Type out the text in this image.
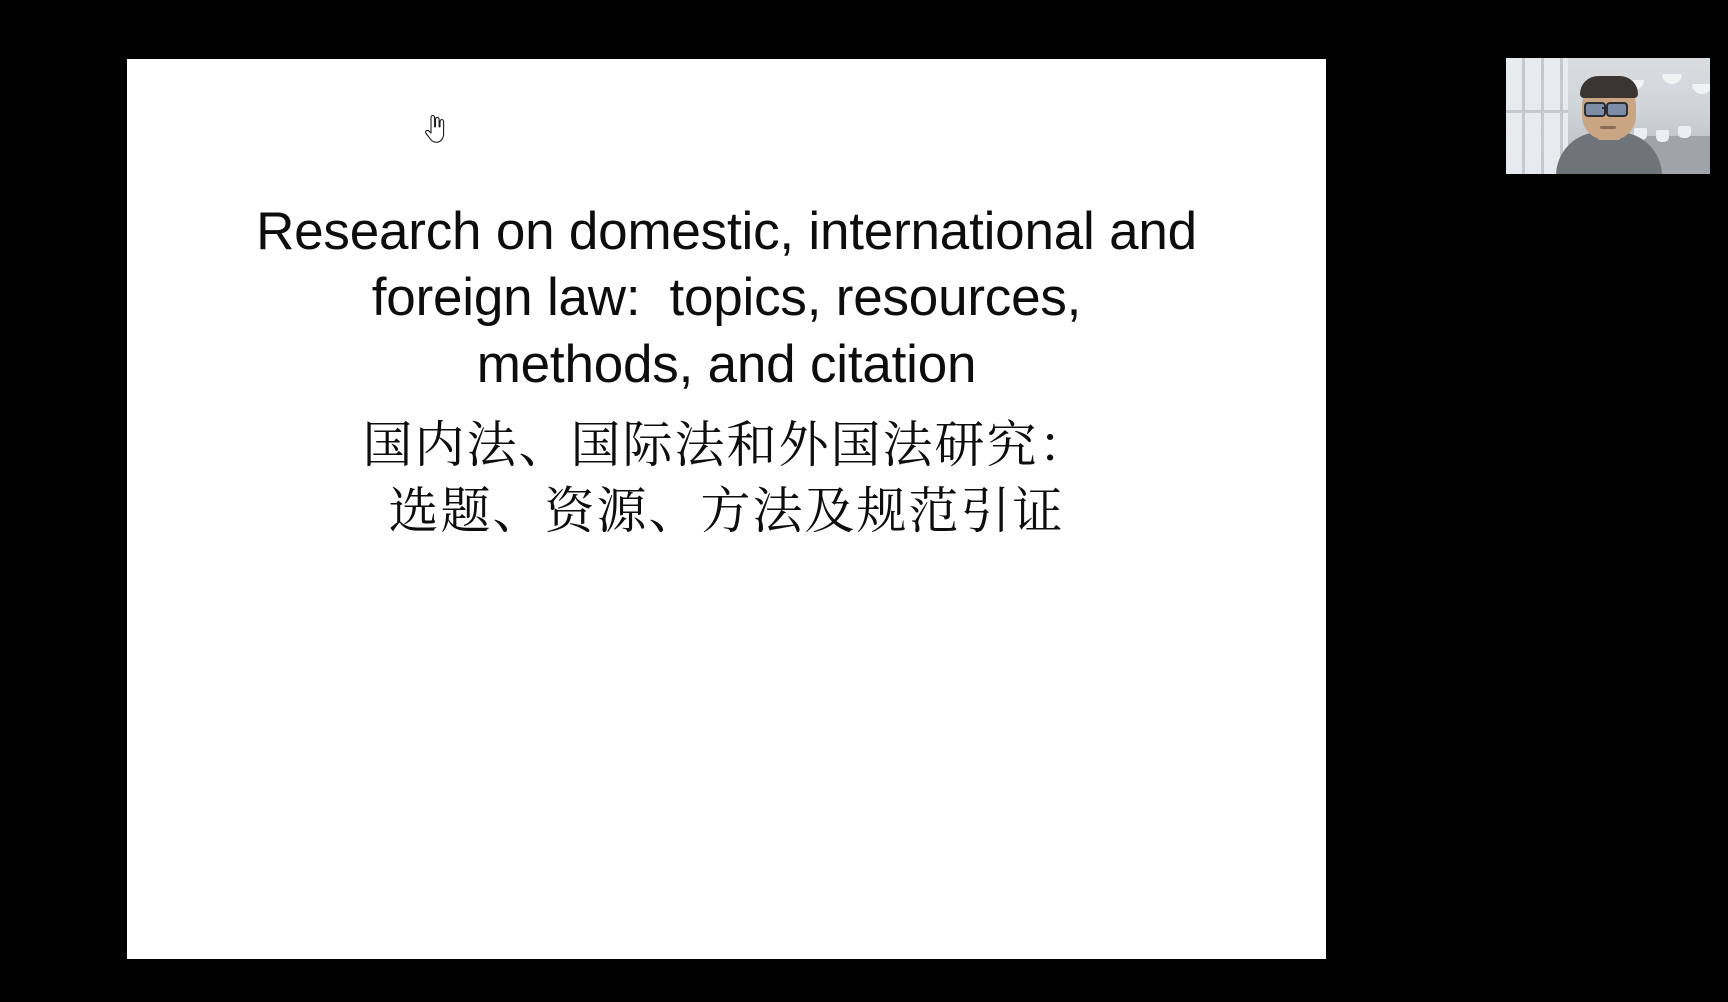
Research on domestic, international and
foreign law:  topics, resources,
methods, and citation
国内法、国际法和外国法研究：
选题、资源、方法及规范引证
